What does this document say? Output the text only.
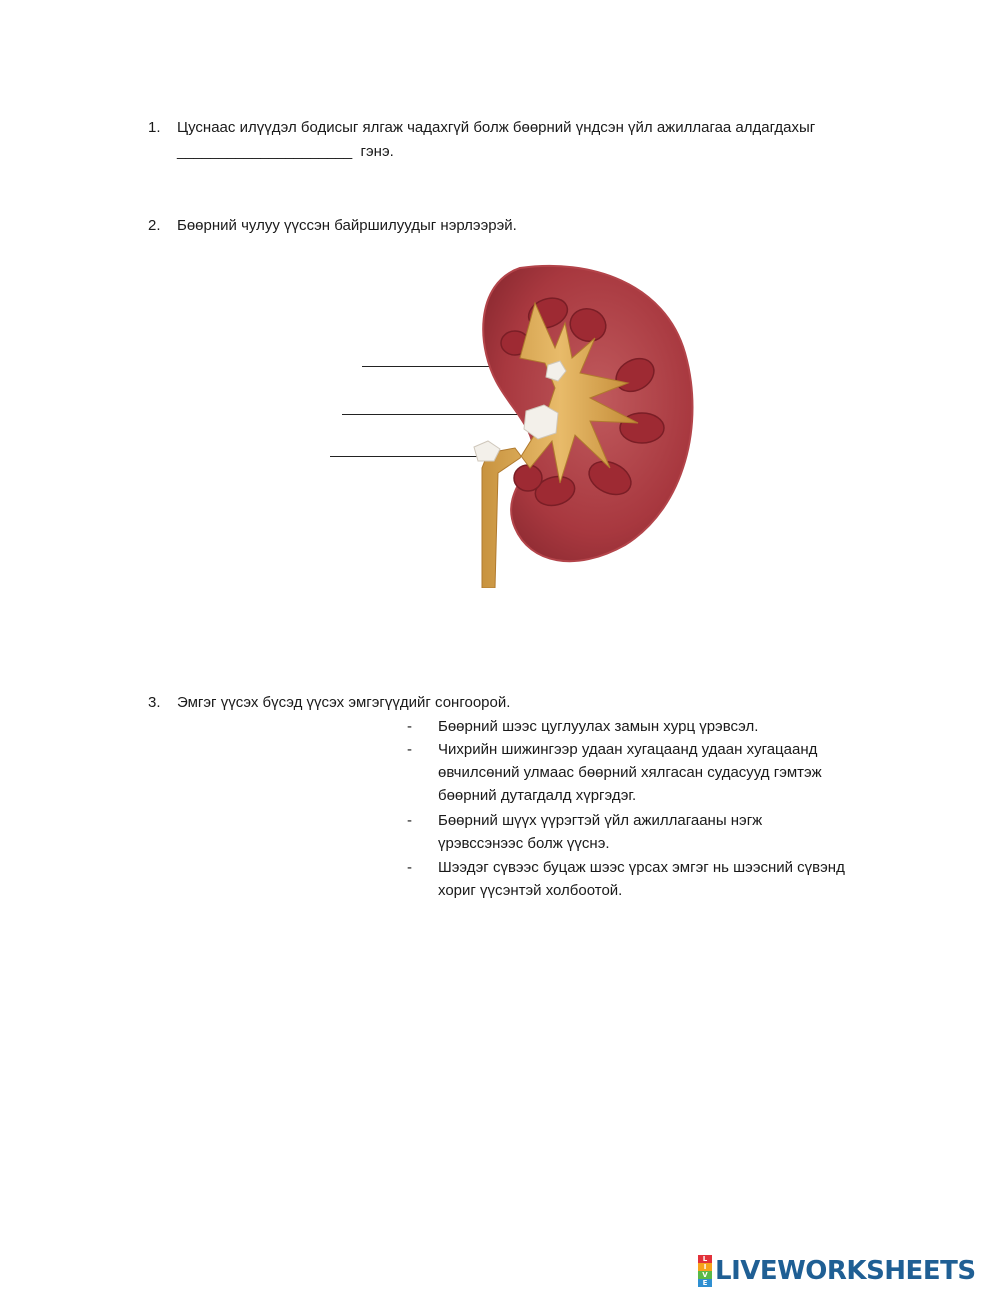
1. Цуснаас илүүдэл бодисыг ялгаж чадахгүй болж бөөрний үндсэн үйл ажиллагаа алдагдахыг
_____________________ гэнэ.
2. Бөөрний чулуу үүссэн байршилуудыг нэрлээрэй.
3. Эмгэг үүсэх бүсэд үүсэх эмгэгүүдийг сонгоорой.
- Бөөрний шээс цуглуулах замын хурц үрэвсэл.
- Чихрийн шижингээр удаан хугацаанд удаан хугацаанд
өвчилсөний улмаас бөөрний хялгасан судасууд гэмтэж
бөөрний дутагдалд хүргэдэг.
- Бөөрний шүүх үүрэгтэй үйл ажиллагааны нэгж
үрэвссэнээс болж үүснэ.
- Шээдэг сүвээс буцаж шээс үрсах эмгэг нь шээсний сүвэнд
хориг үүсэнтэй холбоотой.
L
I
V
E LIVEWORKSHEETS
